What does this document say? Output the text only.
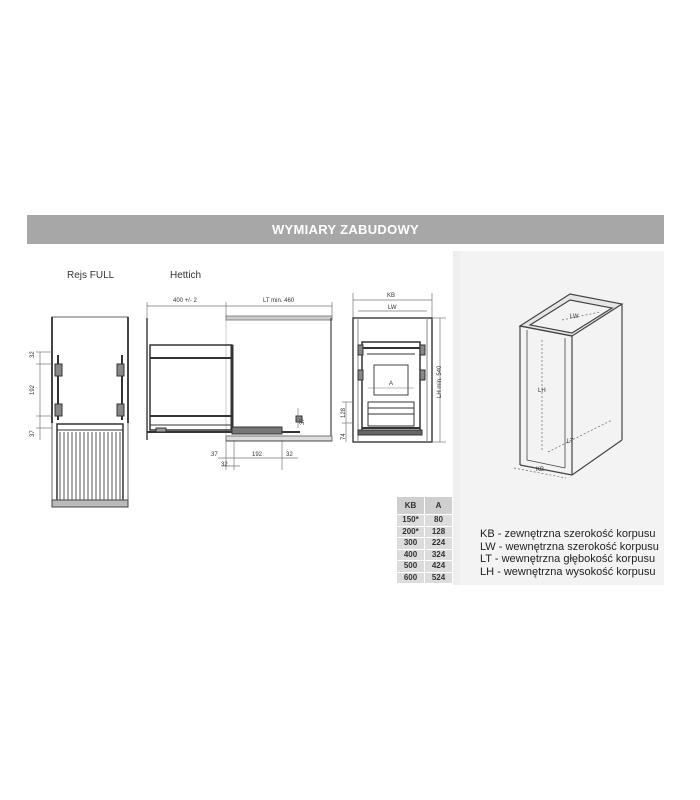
WYMIARY ZABUDOWY
Rejs FULL	Hettich
32
192
37
400 +/- 2	LT min. 460
37
32
192	32
37
KB
LW
A	LH min. 540
128
74
LW
LH
LT
KB
KB	A
150*	80
200*	128
300	224
400	324
500	424
600	524
KB - zewnętrzna szerokość korpusu
LW - wewnętrzna szerokość korpusu
LT - wewnętrzna głębokość korpusu
LH - wewnętrzna wysokość korpusu
